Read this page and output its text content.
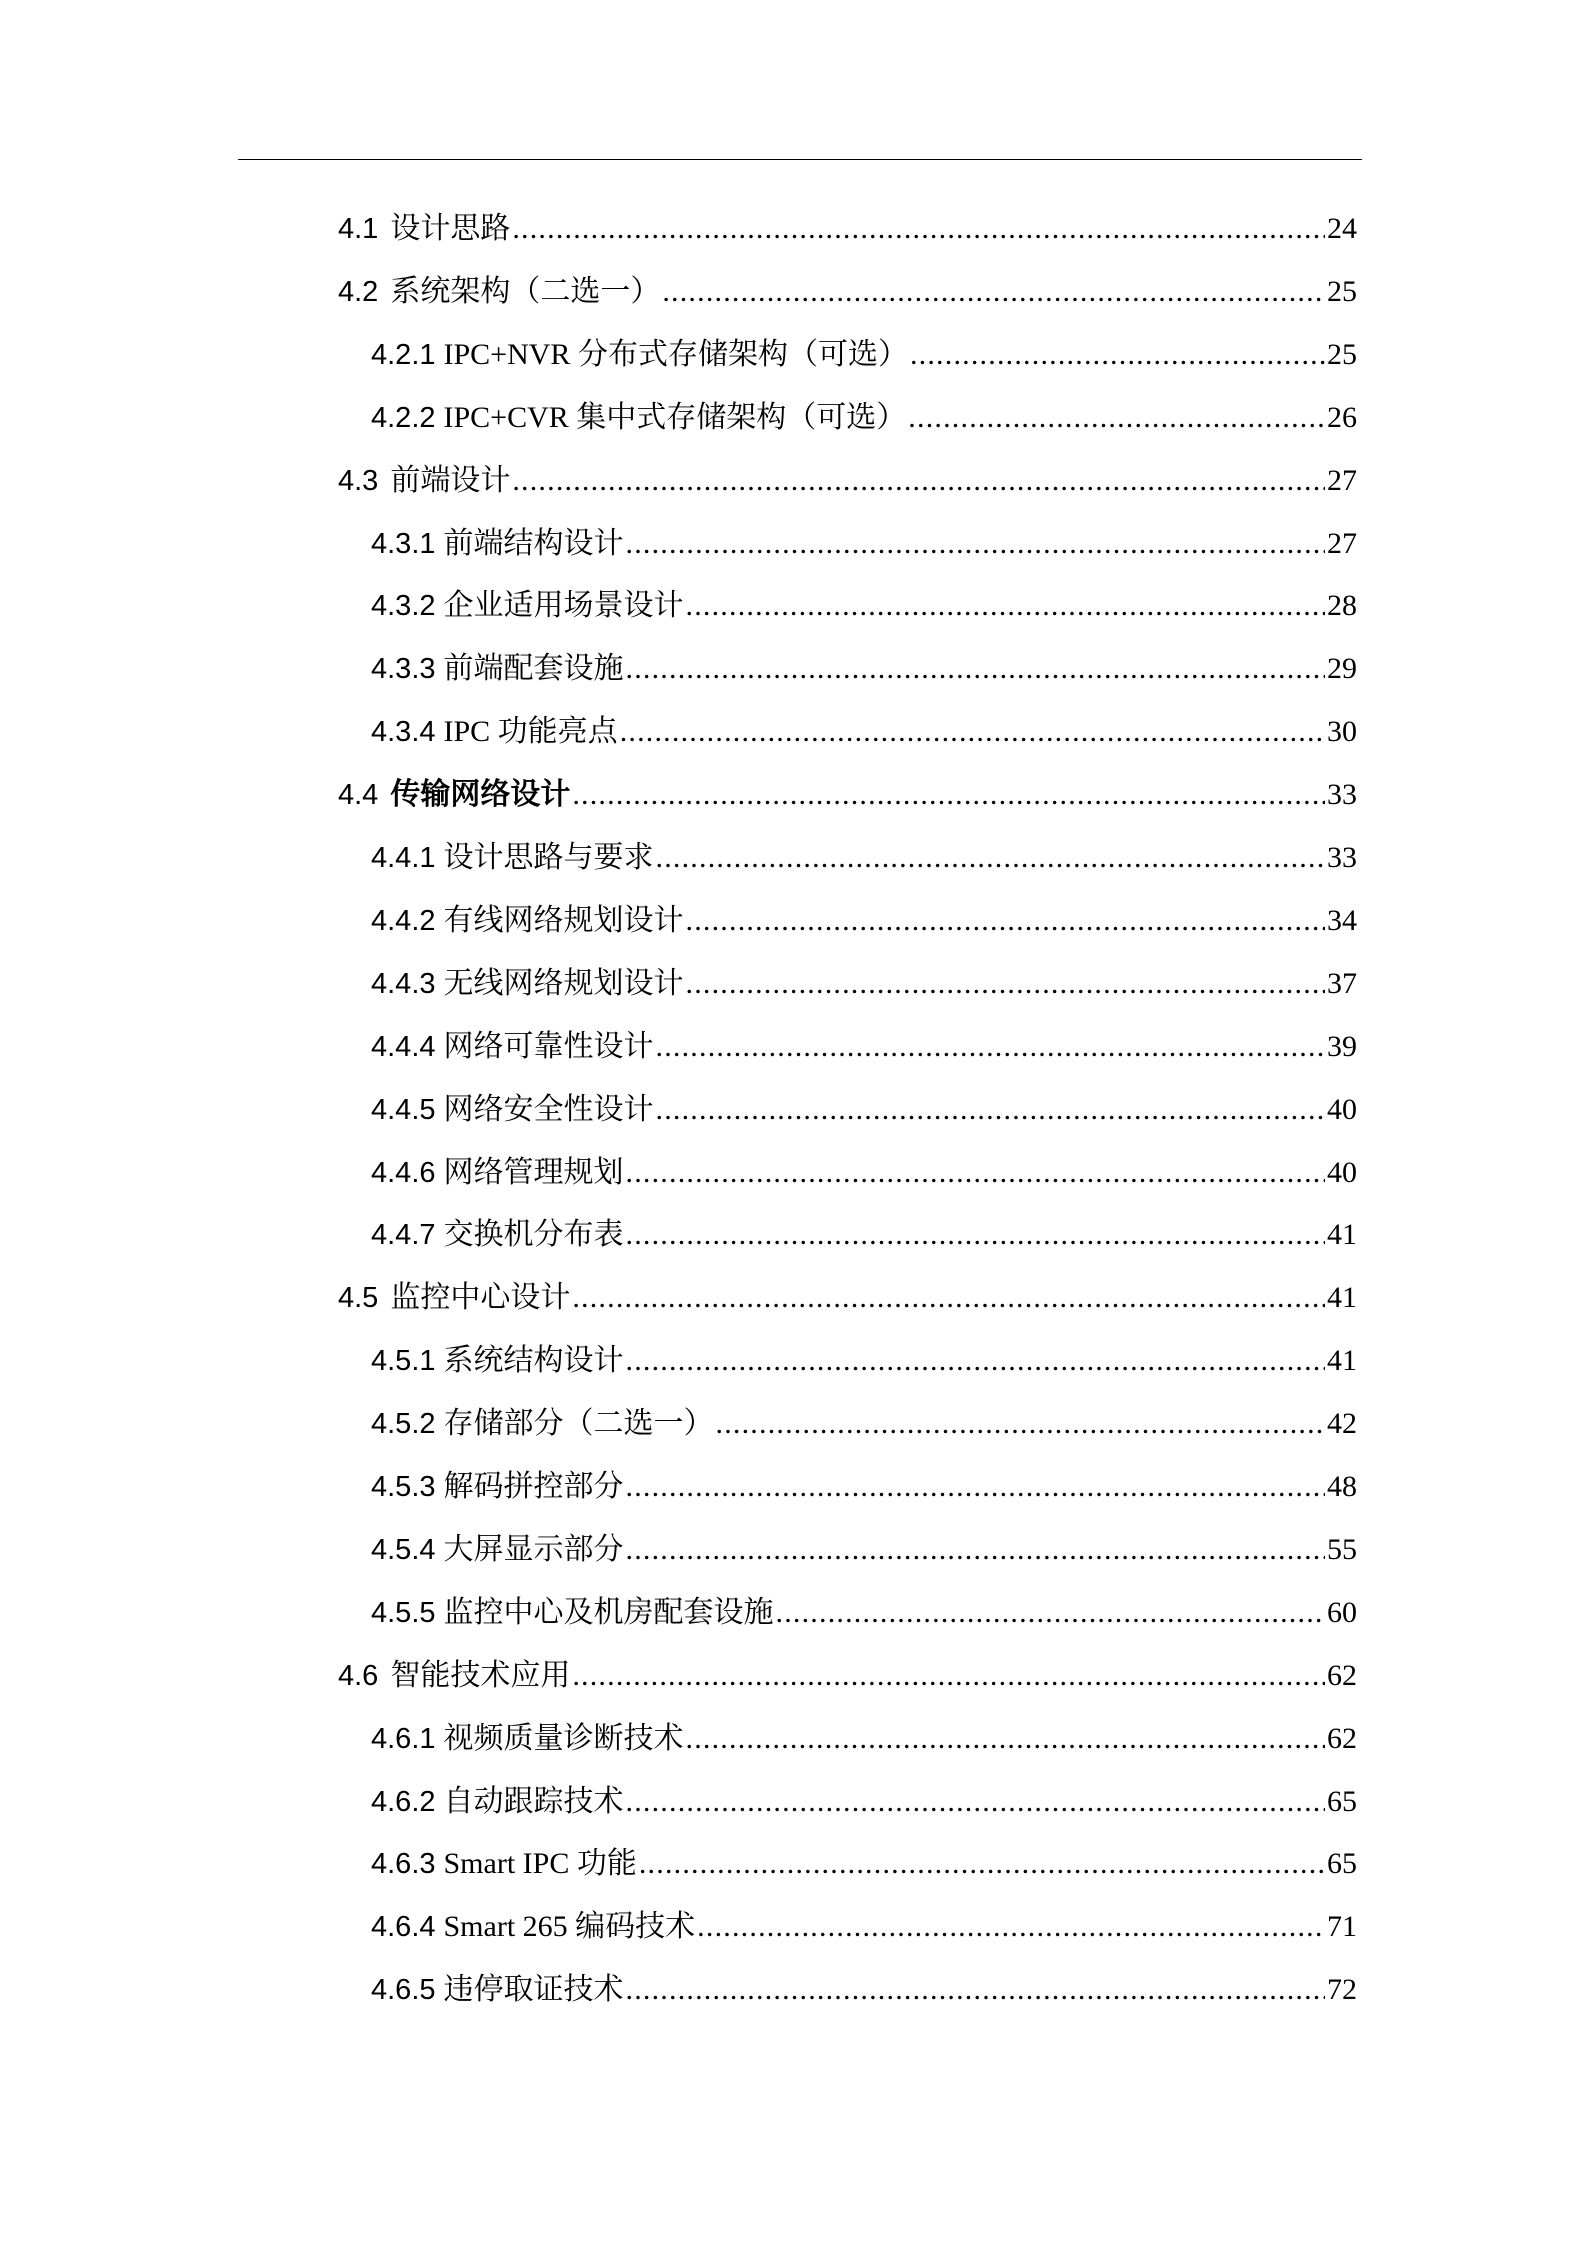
4.1 设计思路 .....	24
4.2 系统架构（二选一） .....	25
4.2.1 IPC+NVR 分布式存储架构（可选） .....	25
4.2.2 IPC+CVR 集中式存储架构（可选） .....	26
4.3 前端设计 .....	27
4.3.1 前端结构设计 .....	27
4.3.2 企业适用场景设计 .....	28
4.3.3 前端配套设施 .....	29
4.3.4 IPC 功能亮点 .....	30
4.4 传输网络设计 .....	33
4.4.1 设计思路与要求 .....	33
4.4.2 有线网络规划设计 .....	34
4.4.3 无线网络规划设计 .....	37
4.4.4 网络可靠性设计 .....	39
4.4.5 网络安全性设计 .....	40
4.4.6 网络管理规划 .....	40
4.4.7 交换机分布表 .....	41
4.5 监控中心设计 .....	41
4.5.1 系统结构设计 .....	41
4.5.2 存储部分（二选一） .....	42
4.5.3 解码拼控部分 .....	48
4.5.4 大屏显示部分 .....	55
4.5.5 监控中心及机房配套设施 .....	60
4.6 智能技术应用 .....	62
4.6.1 视频质量诊断技术 .....	62
4.6.2 自动跟踪技术 .....	65
4.6.3 Smart IPC 功能 .....	65
4.6.4 Smart 265 编码技术 .....	71
4.6.5 违停取证技术 .....	72
